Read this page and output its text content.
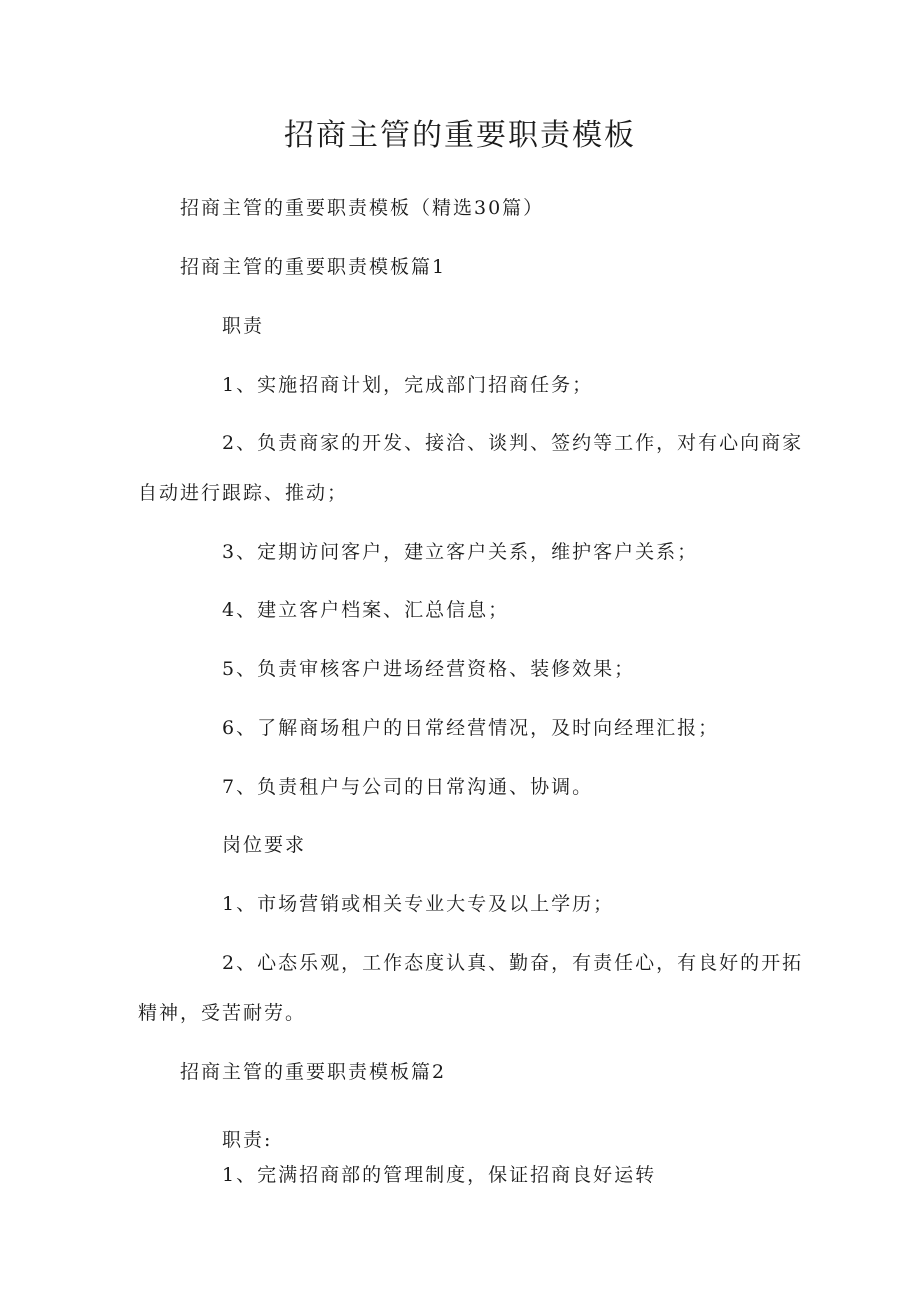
招商主管的重要职责模板
招商主管的重要职责模板（精选30篇）
招商主管的重要职责模板篇1
职责
1、实施招商计划，完成部门招商任务；
2、负责商家的开发、接洽、谈判、签约等工作，对有心向商家
自动进行跟踪、推动；
3、定期访问客户，建立客户关系，维护客户关系；
4、建立客户档案、汇总信息；
5、负责审核客户进场经营资格、装修效果；
6、了解商场租户的日常经营情况，及时向经理汇报；
7、负责租户与公司的日常沟通、协调。
岗位要求
1、市场营销或相关专业大专及以上学历；
2、心态乐观，工作态度认真、勤奋，有责任心，有良好的开拓
精神，受苦耐劳。
招商主管的重要职责模板篇2
职责:
1、完满招商部的管理制度，保证招商良好运转
